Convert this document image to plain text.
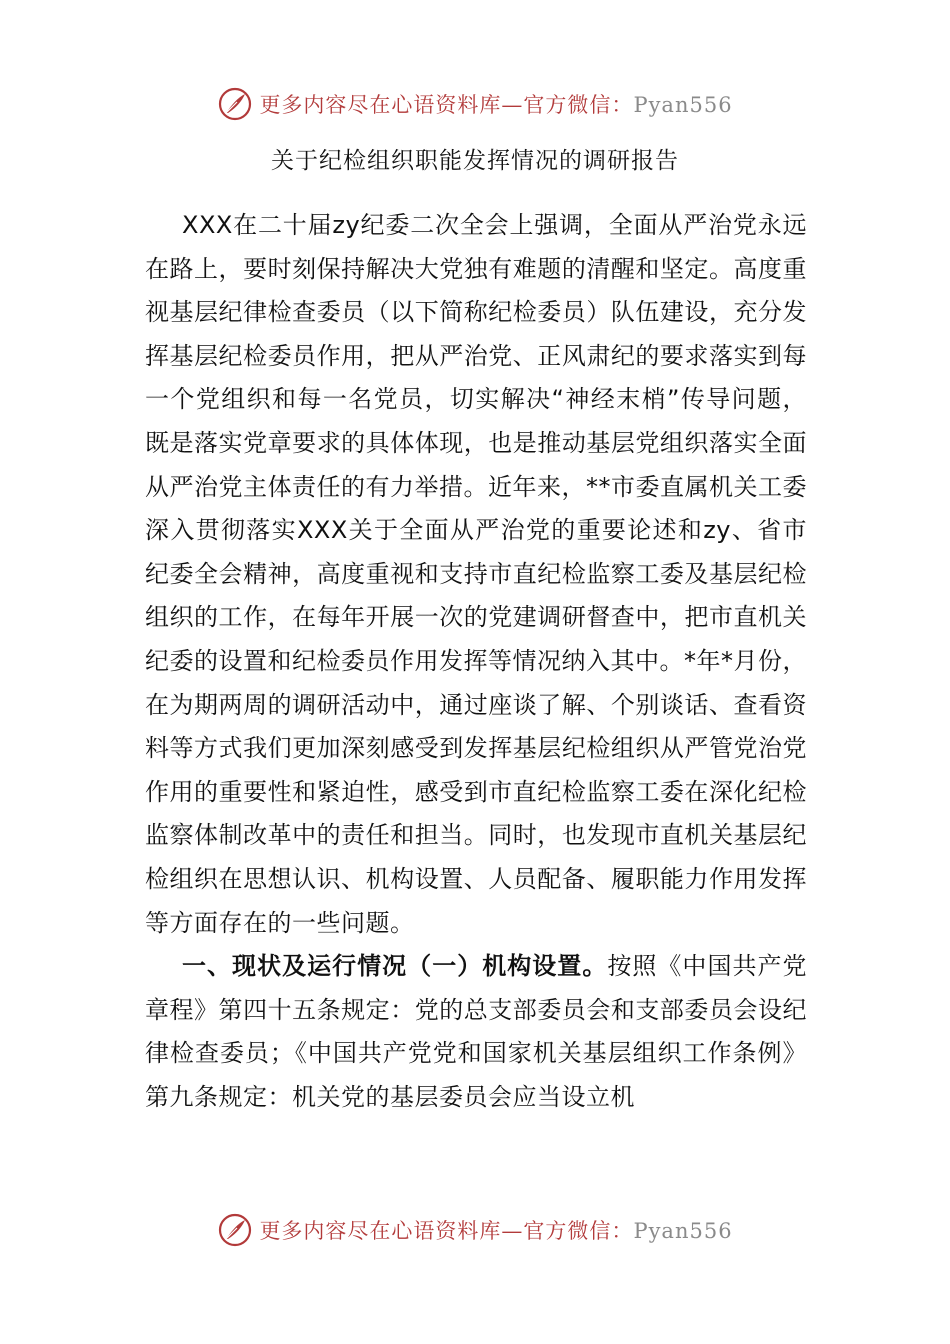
更多内容尽在心语资料库—官方微信：Pyan556
关于纪检组织职能发挥情况的调研报告

XXX在二十届zy纪委二次全会上强调，全面从严治党永远在路上，要时刻保持解决大党独有难题的清醒和坚定。高度重视基层纪律检查委员（以下简称纪检委员）队伍建设，充分发挥基层纪检委员作用，把从严治党、正风肃纪的要求落实到每一个党组织和每一名党员，切实解决“神经末梢”传导问题，既是落实党章要求的具体体现，也是推动基层党组织落实全面从严治党主体责任的有力举措。近年来，**市委直属机关工委深入贯彻落实XXX关于全面从严治党的重要论述和zy、省市纪委全会精神，高度重视和支持市直纪检监察工委及基层纪检组织的工作，在每年开展一次的党建调研督查中，把市直机关纪委的设置和纪检委员作用发挥等情况纳入其中。*年*月份，在为期两周的调研活动中，通过座谈了解、个别谈话、查看资料等方式我们更加深刻感受到发挥基层纪检组织从严管党治党作用的重要性和紧迫性，感受到市直纪检监察工委在深化纪检监察体制改革中的责任和担当。同时，也发现市直机关基层纪检组织在思想认识、机构设置、人员配备、履职能力作用发挥等方面存在的一些问题。

一、现状及运行情况（一）机构设置。按照《中国共产党章程》第四十五条规定：党的总支部委员会和支部委员会设纪律检查委员；《中国共产党党和国家机关基层组织工作条例》第九条规定：机关党的基层委员会应当设立机

更多内容尽在心语资料库—官方微信：Pyan556
